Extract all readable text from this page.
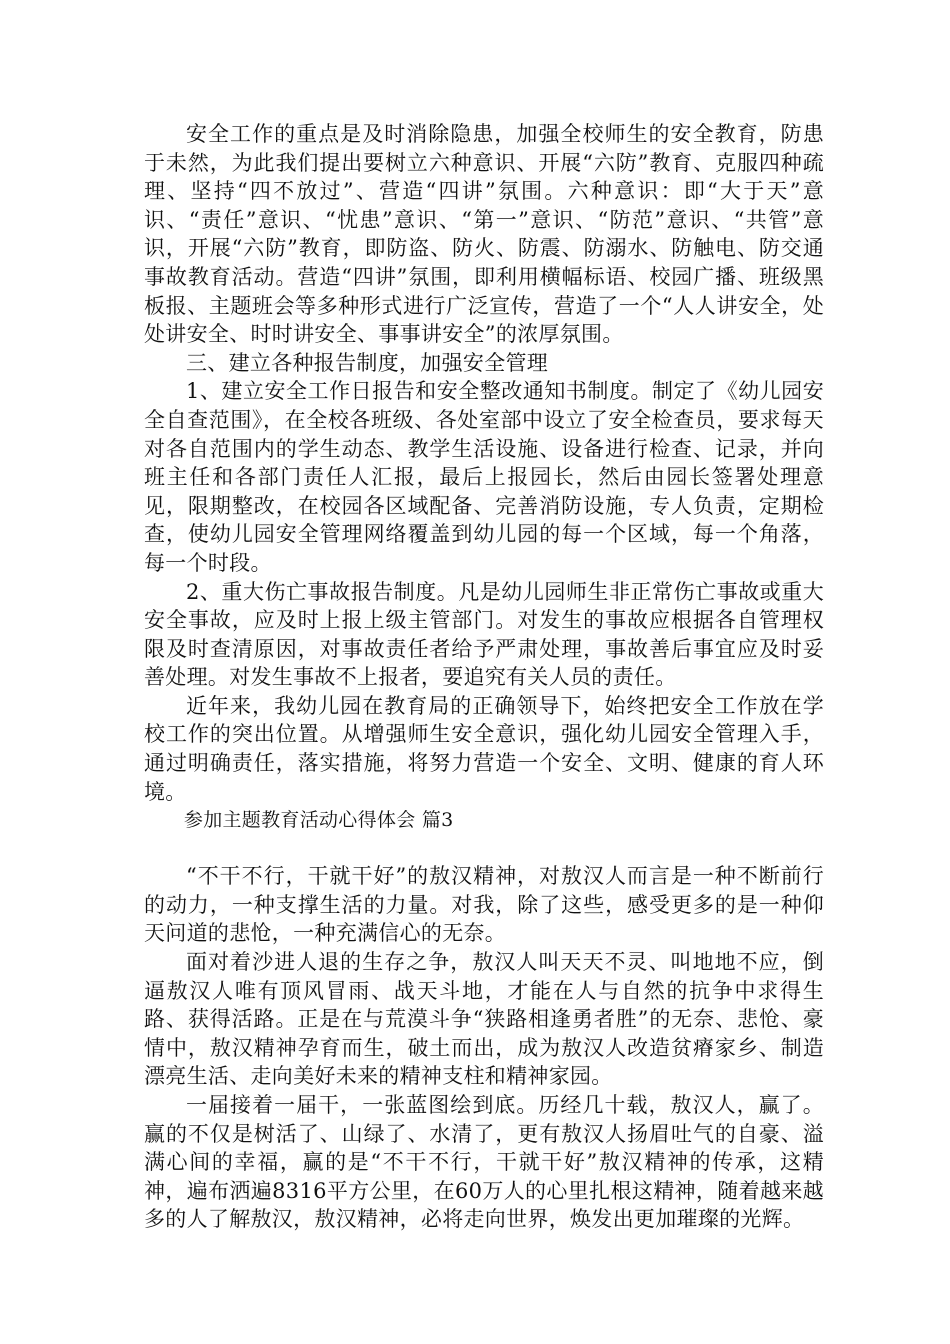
安全工作的重点是及时消除隐患，加强全校师生的安全教育，防患于未然，为此我们提出要树立六种意识、开展“六防”教育、克服四种疏理、坚持“四不放过”、营造“四讲”氛围。六种意识：即“大于天”意识、“责任”意识、“忧患”意识、“第一”意识、“防范”意识、“共管”意识，开展“六防”教育，即防盗、防火、防震、防溺水、防触电、防交通事故教育活动。营造“四讲”氛围，即利用横幅标语、校园广播、班级黑板报、主题班会等多种形式进行广泛宣传，营造了一个“人人讲安全，处处讲安全、时时讲安全、事事讲安全”的浓厚氛围。

三、建立各种报告制度，加强安全管理

1、建立安全工作日报告和安全整改通知书制度。制定了《幼儿园安全自查范围》，在全校各班级、各处室部中设立了安全检查员，要求每天对各自范围内的学生动态、教学生活设施、设备进行检查、记录，并向班主任和各部门责任人汇报，最后上报园长，然后由园长签署处理意见，限期整改，在校园各区域配备、完善消防设施，专人负责，定期检查，使幼儿园安全管理网络覆盖到幼儿园的每一个区域，每一个角落，每一个时段。

2、重大伤亡事故报告制度。凡是幼儿园师生非正常伤亡事故或重大安全事故，应及时上报上级主管部门。对发生的事故应根据各自管理权限及时查清原因，对事故责任者给予严肃处理，事故善后事宜应及时妥善处理。对发生事故不上报者，要追究有关人员的责任。

近年来，我幼儿园在教育局的正确领导下，始终把安全工作放在学校工作的突出位置。从增强师生安全意识，强化幼儿园安全管理入手，通过明确责任，落实措施，将努力营造一个安全、文明、健康的育人环境。

参加主题教育活动心得体会 篇3

“不干不行，干就干好”的敖汉精神，对敖汉人而言是一种不断前行的动力，一种支撑生活的力量。对我，除了这些，感受更多的是一种仰天问道的悲怆，一种充满信心的无奈。

面对着沙进人退的生存之争，敖汉人叫天天不灵、叫地地不应，倒逼敖汉人唯有顶风冒雨、战天斗地，才能在人与自然的抗争中求得生路、获得活路。正是在与荒漠斗争“狭路相逢勇者胜”的无奈、悲怆、豪情中，敖汉精神孕育而生，破土而出，成为敖汉人改造贫瘠家乡、制造漂亮生活、走向美好未来的精神支柱和精神家园。

一届接着一届干，一张蓝图绘到底。历经几十载，敖汉人，赢了。赢的不仅是树活了、山绿了、水清了，更有敖汉人扬眉吐气的自豪、溢满心间的幸福，赢的是“不干不行，干就干好”敖汉精神的传承，这精神，遍布洒遍8316平方公里，在60万人的心里扎根这精神，随着越来越多的人了解敖汉，敖汉精神，必将走向世界，焕发出更加璀璨的光辉。
